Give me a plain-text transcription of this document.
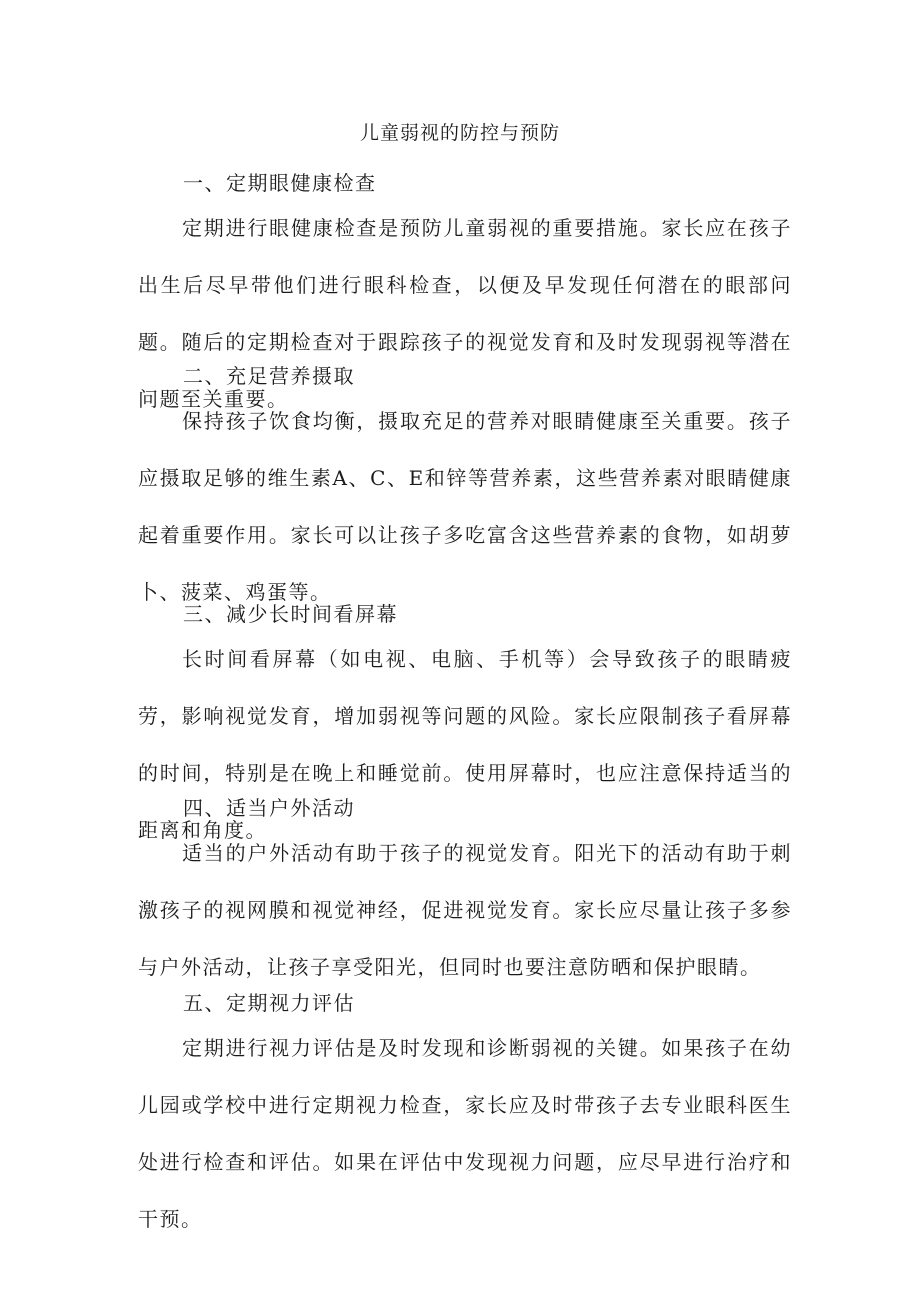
儿童弱视的防控与预防
一、定期眼健康检查

定期进行眼健康检查是预防儿童弱视的重要措施。家长应在孩子出生后尽早带他们进行眼科检查，以便及早发现任何潜在的眼部问题。随后的定期检查对于跟踪孩子的视觉发育和及时发现弱视等潜在问题至关重要。

二、充足营养摄取

保持孩子饮食均衡，摄取充足的营养对眼睛健康至关重要。孩子应摄取足够的维生素A、C、E和锌等营养素，这些营养素对眼睛健康起着重要作用。家长可以让孩子多吃富含这些营养素的食物，如胡萝卜、菠菜、鸡蛋等。

三、减少长时间看屏幕

长时间看屏幕（如电视、电脑、手机等）会导致孩子的眼睛疲劳，影响视觉发育，增加弱视等问题的风险。家长应限制孩子看屏幕的时间，特别是在晚上和睡觉前。使用屏幕时，也应注意保持适当的距离和角度。

四、适当户外活动

适当的户外活动有助于孩子的视觉发育。阳光下的活动有助于刺激孩子的视网膜和视觉神经，促进视觉发育。家长应尽量让孩子多参与户外活动，让孩子享受阳光，但同时也要注意防晒和保护眼睛。

五、定期视力评估

定期进行视力评估是及时发现和诊断弱视的关键。如果孩子在幼儿园或学校中进行定期视力检查，家长应及时带孩子去专业眼科医生处进行检查和评估。如果在评估中发现视力问题，应尽早进行治疗和干预。
